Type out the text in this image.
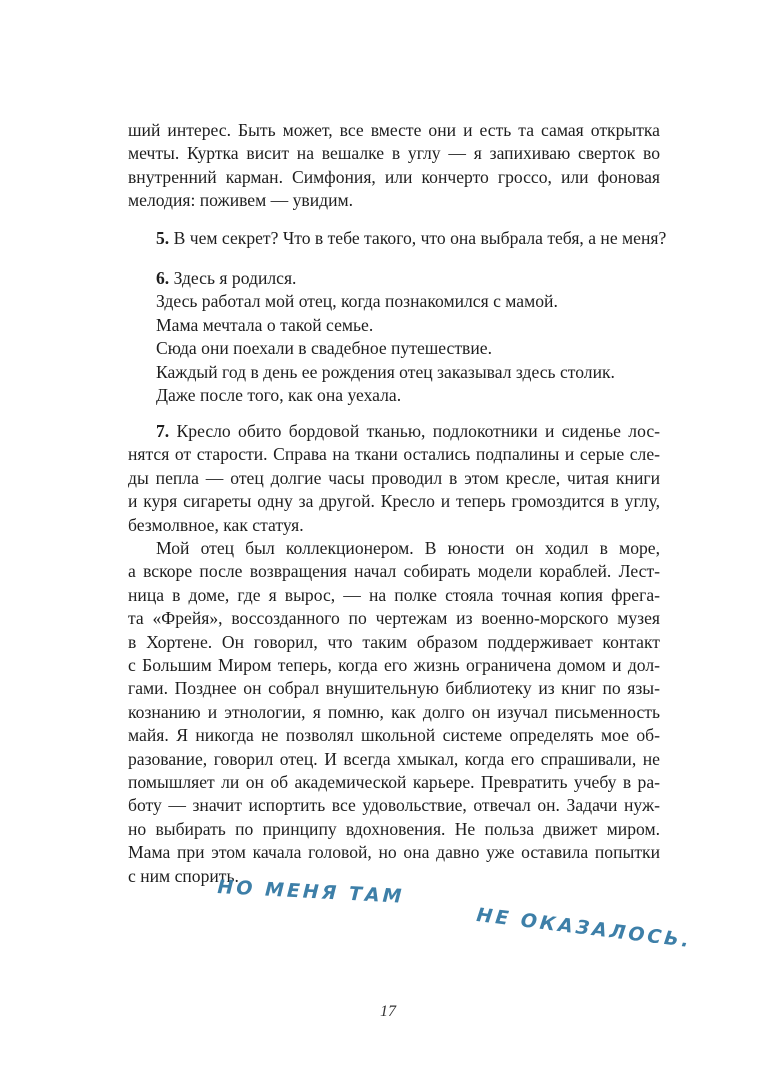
ший интерес. Быть может, все вместе они и есть та самая открытка
мечты. Куртка висит на вешалке в углу — я запихиваю сверток во
внутренний карман. Симфония, или кончерто гроссо, или фоновая
мелодия: поживем — увидим.
5. В чем секрет? Что в тебе такого, что она выбрала тебя, а не меня?
6. Здесь я родился.
Здесь работал мой отец, когда познакомился с мамой.
Мама мечтала о такой семье.
Сюда они поехали в свадебное путешествие.
Каждый год в день ее рождения отец заказывал здесь столик.
Даже после того, как она уехала.
7. Кресло обито бордовой тканью, подлокотники и сиденье лос-
нятся от старости. Справа на ткани остались подпалины и серые сле-
ды пепла — отец долгие часы проводил в этом кресле, читая книги
и куря сигареты одну за другой. Кресло и теперь громоздится в углу,
безмолвное, как статуя.
Мой отец был коллекционером. В юности он ходил в море,
а вскоре после возвращения начал собирать модели кораблей. Лест-
ница в доме, где я вырос, — на полке стояла точная копия фрега-
та «Фрейя», воссозданного по чертежам из военно-морского музея
в Хортене. Он говорил, что таким образом поддерживает контакт
с Большим Миром теперь, когда его жизнь ограничена домом и дол-
гами. Позднее он собрал внушительную библиотеку из книг по язы-
кознанию и этнологии, я помню, как долго он изучал письменность
майя. Я никогда не позволял школьной системе определять мое об-
разование, говорил отец. И всегда хмыкал, когда его спрашивали, не
помышляет ли он об академической карьере. Превратить учебу в ра-
боту — значит испортить все удовольствие, отвечал он. Задачи нуж-
но выбирать по принципу вдохновения. Не польза движет миром.
Мама при этом качала головой, но она давно уже оставила попытки
с ним спорить.
НО МЕНЯ ТАМ
НЕ ОКАЗАЛОСЬ.
17
